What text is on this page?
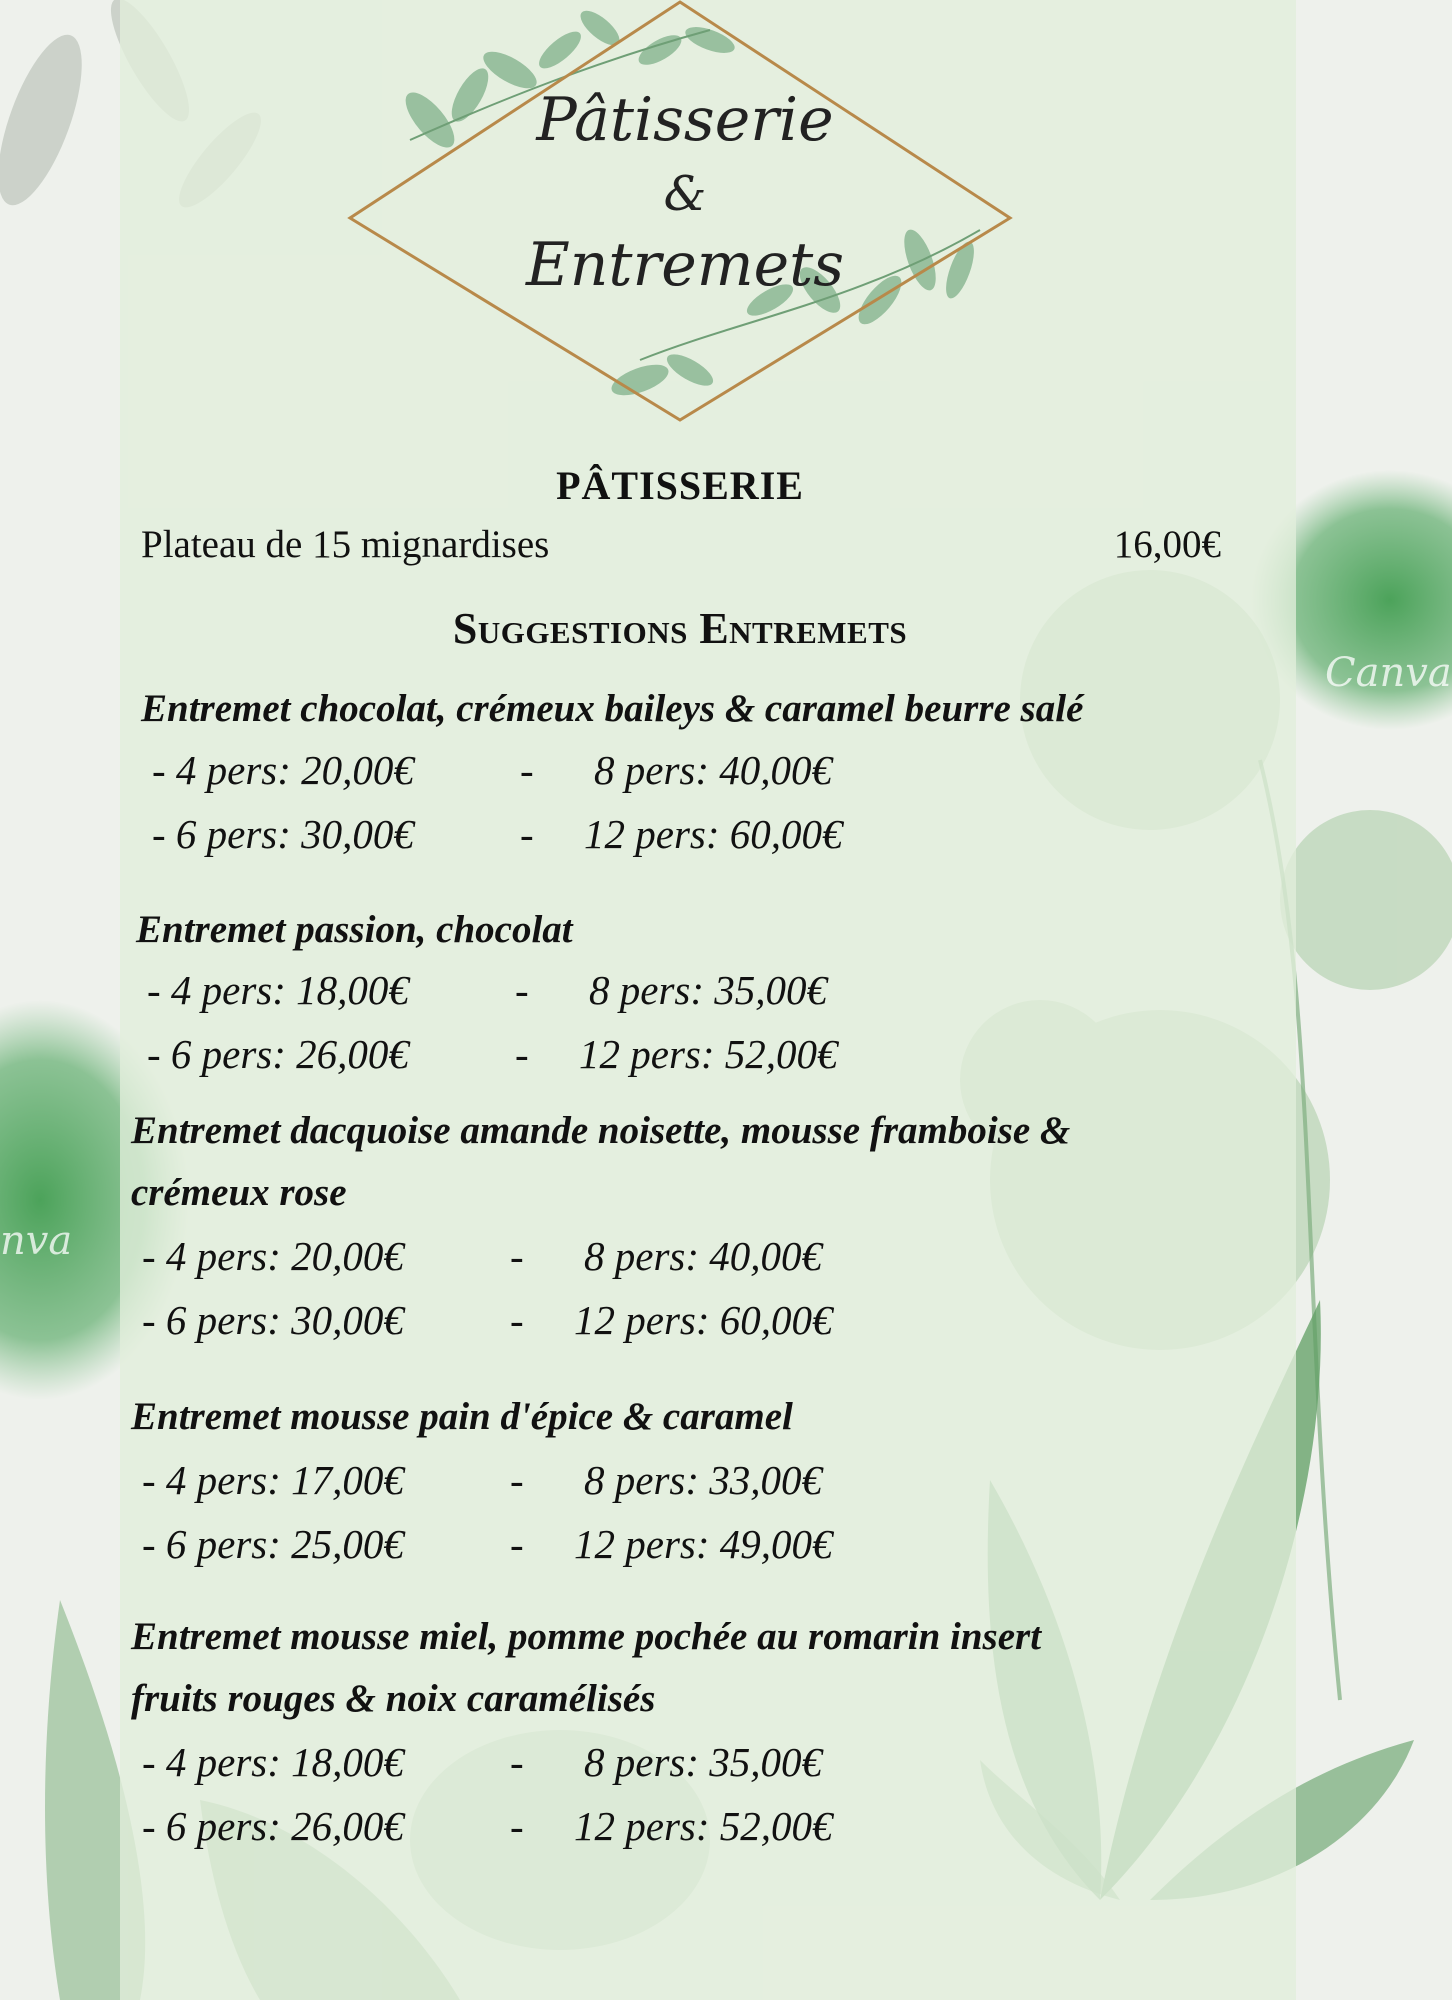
Pâtisserie
&
Entremets
Canva
nva
PÂTISSERIE
Plateau de 15 mignardises	16,00€
Suggestions Entremets
Entremet chocolat, crémeux baileys & caramel beurre salé
- 4 pers: 20,00€	- 8 pers: 40,00€
- 6 pers: 30,00€	- 12 pers: 60,00€
Entremet passion, chocolat
- 4 pers: 18,00€	- 8 pers: 35,00€
- 6 pers: 26,00€	- 12 pers: 52,00€
Entremet dacquoise amande noisette, mousse framboise &
crémeux rose
- 4 pers: 20,00€	- 8 pers: 40,00€
- 6 pers: 30,00€	- 12 pers: 60,00€
Entremet mousse pain d'épice & caramel
- 4 pers: 17,00€	- 8 pers: 33,00€
- 6 pers: 25,00€	- 12 pers: 49,00€
Entremet mousse miel, pomme pochée au romarin insert
fruits rouges & noix caramélisés
- 4 pers: 18,00€	- 8 pers: 35,00€
- 6 pers: 26,00€	- 12 pers: 52,00€
